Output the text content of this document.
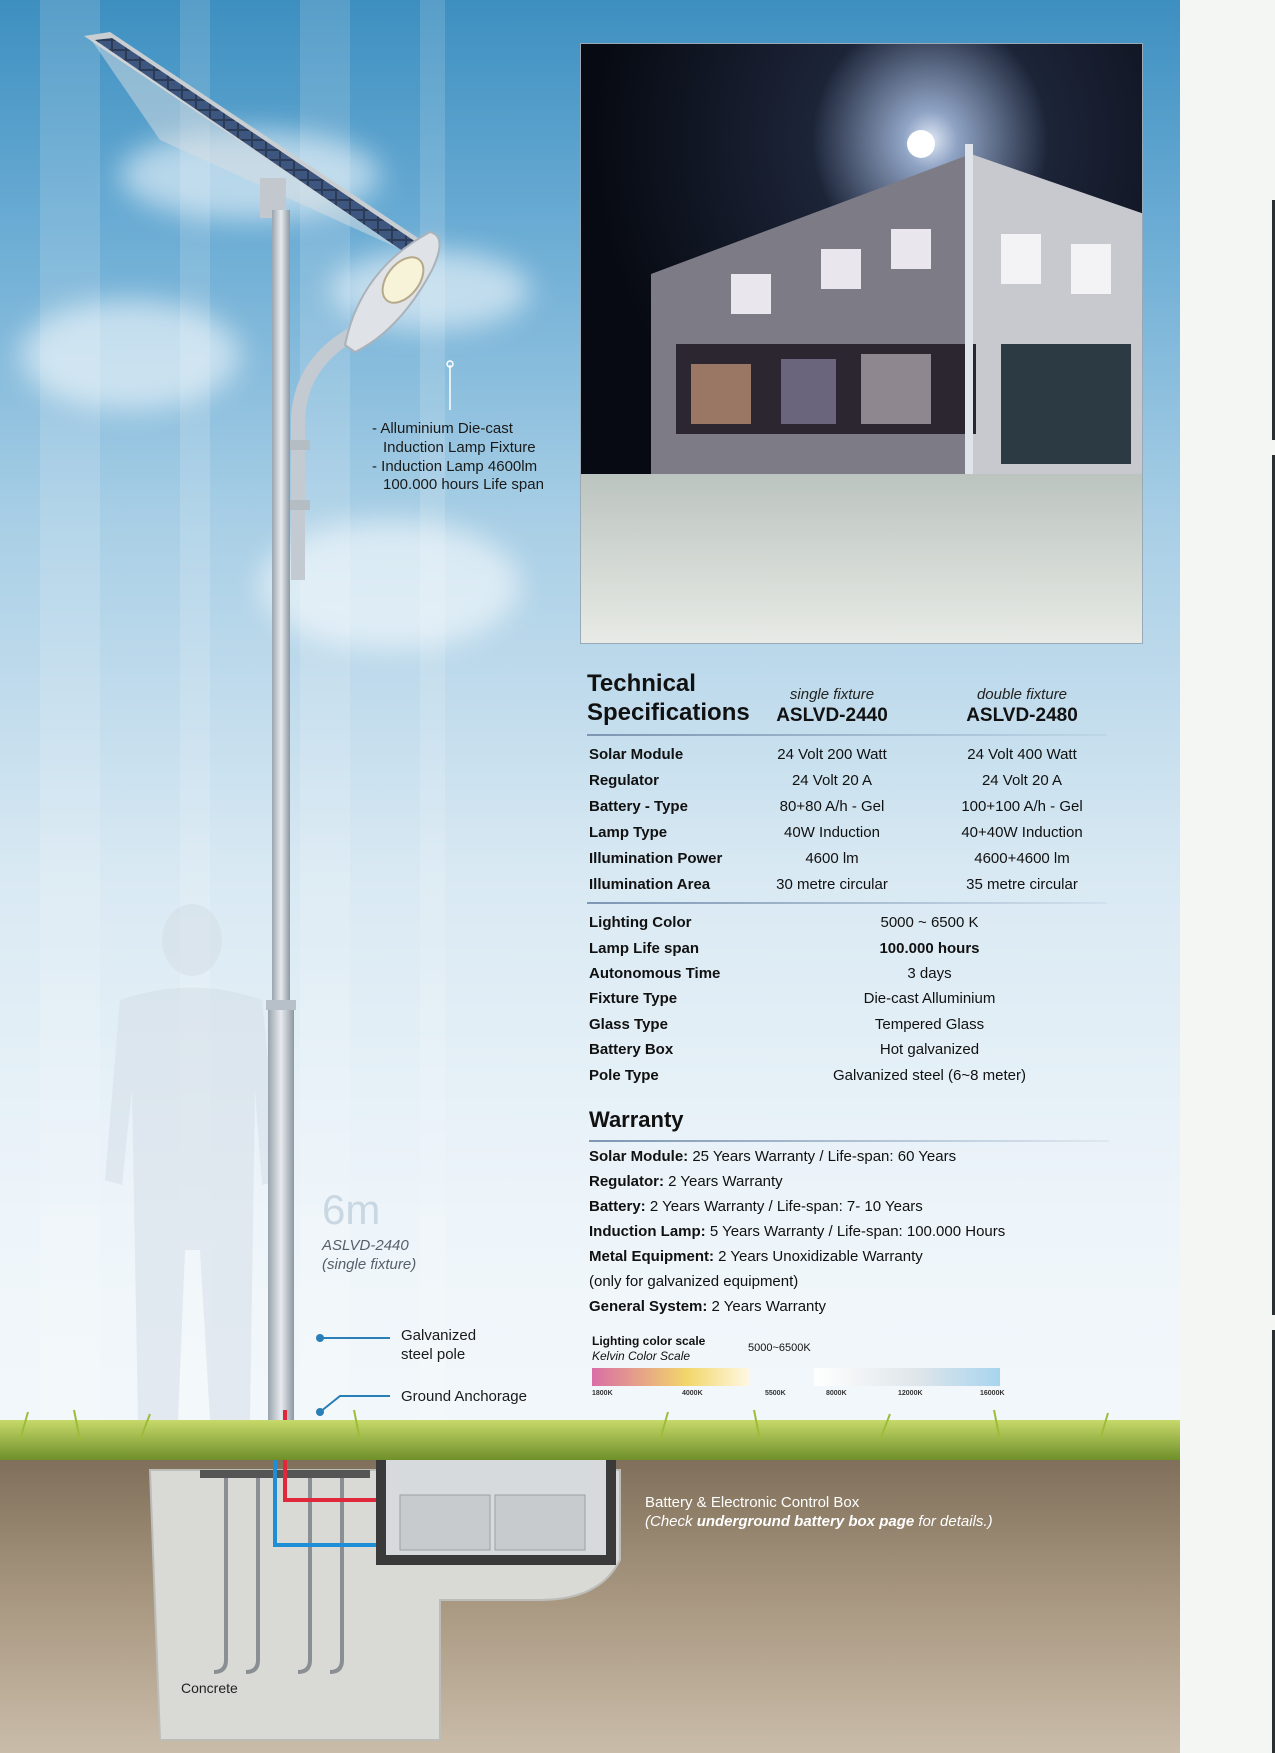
- Alluminium Die-cast
Induction Lamp Fixture
- Induction Lamp 4600lm
100.000 hours Life span
6m
ASLVD-2440
(single fixture)
Galvanized
steel pole
Ground Anchorage
Technical
Specifications
single fixture
ASLVD-2440
double fixture
ASLVD-2480
Solar Module	24 Volt 200 Watt	24 Volt 400 Watt
Regulator	24 Volt 20 A	24 Volt 20 A
Battery - Type	80+80 A/h - Gel	100+100 A/h - Gel
Lamp Type	40W Induction	40+40W Induction
Illumination Power	4600 lm	4600+4600 lm
Illumination Area	30 metre circular	35 metre circular
Lighting Color	5000 ~ 6500 K
Lamp Life span	100.000 hours
Autonomous Time	3 days
Fixture Type	Die-cast Alluminium
Glass Type	Tempered Glass
Battery Box	Hot galvanized
Pole Type	Galvanized steel (6~8 meter)
Warranty
Solar Module: 25 Years Warranty / Life-span: 60 Years
Regulator: 2 Years Warranty
Battery: 2 Years Warranty / Life-span: 7- 10 Years
Induction Lamp: 5 Years Warranty / Life-span: 100.000 Hours
Metal Equipment: 2 Years Unoxidizable Warranty
(only for galvanized equipment)
General System: 2 Years Warranty
Lighting color scale
Kelvin Color Scale
5000~6500K
1800K	4000K	5500K	8000K	12000K	16000K
Battery & Electronic Control Box
(Check underground battery box page for details.)
Concrete
